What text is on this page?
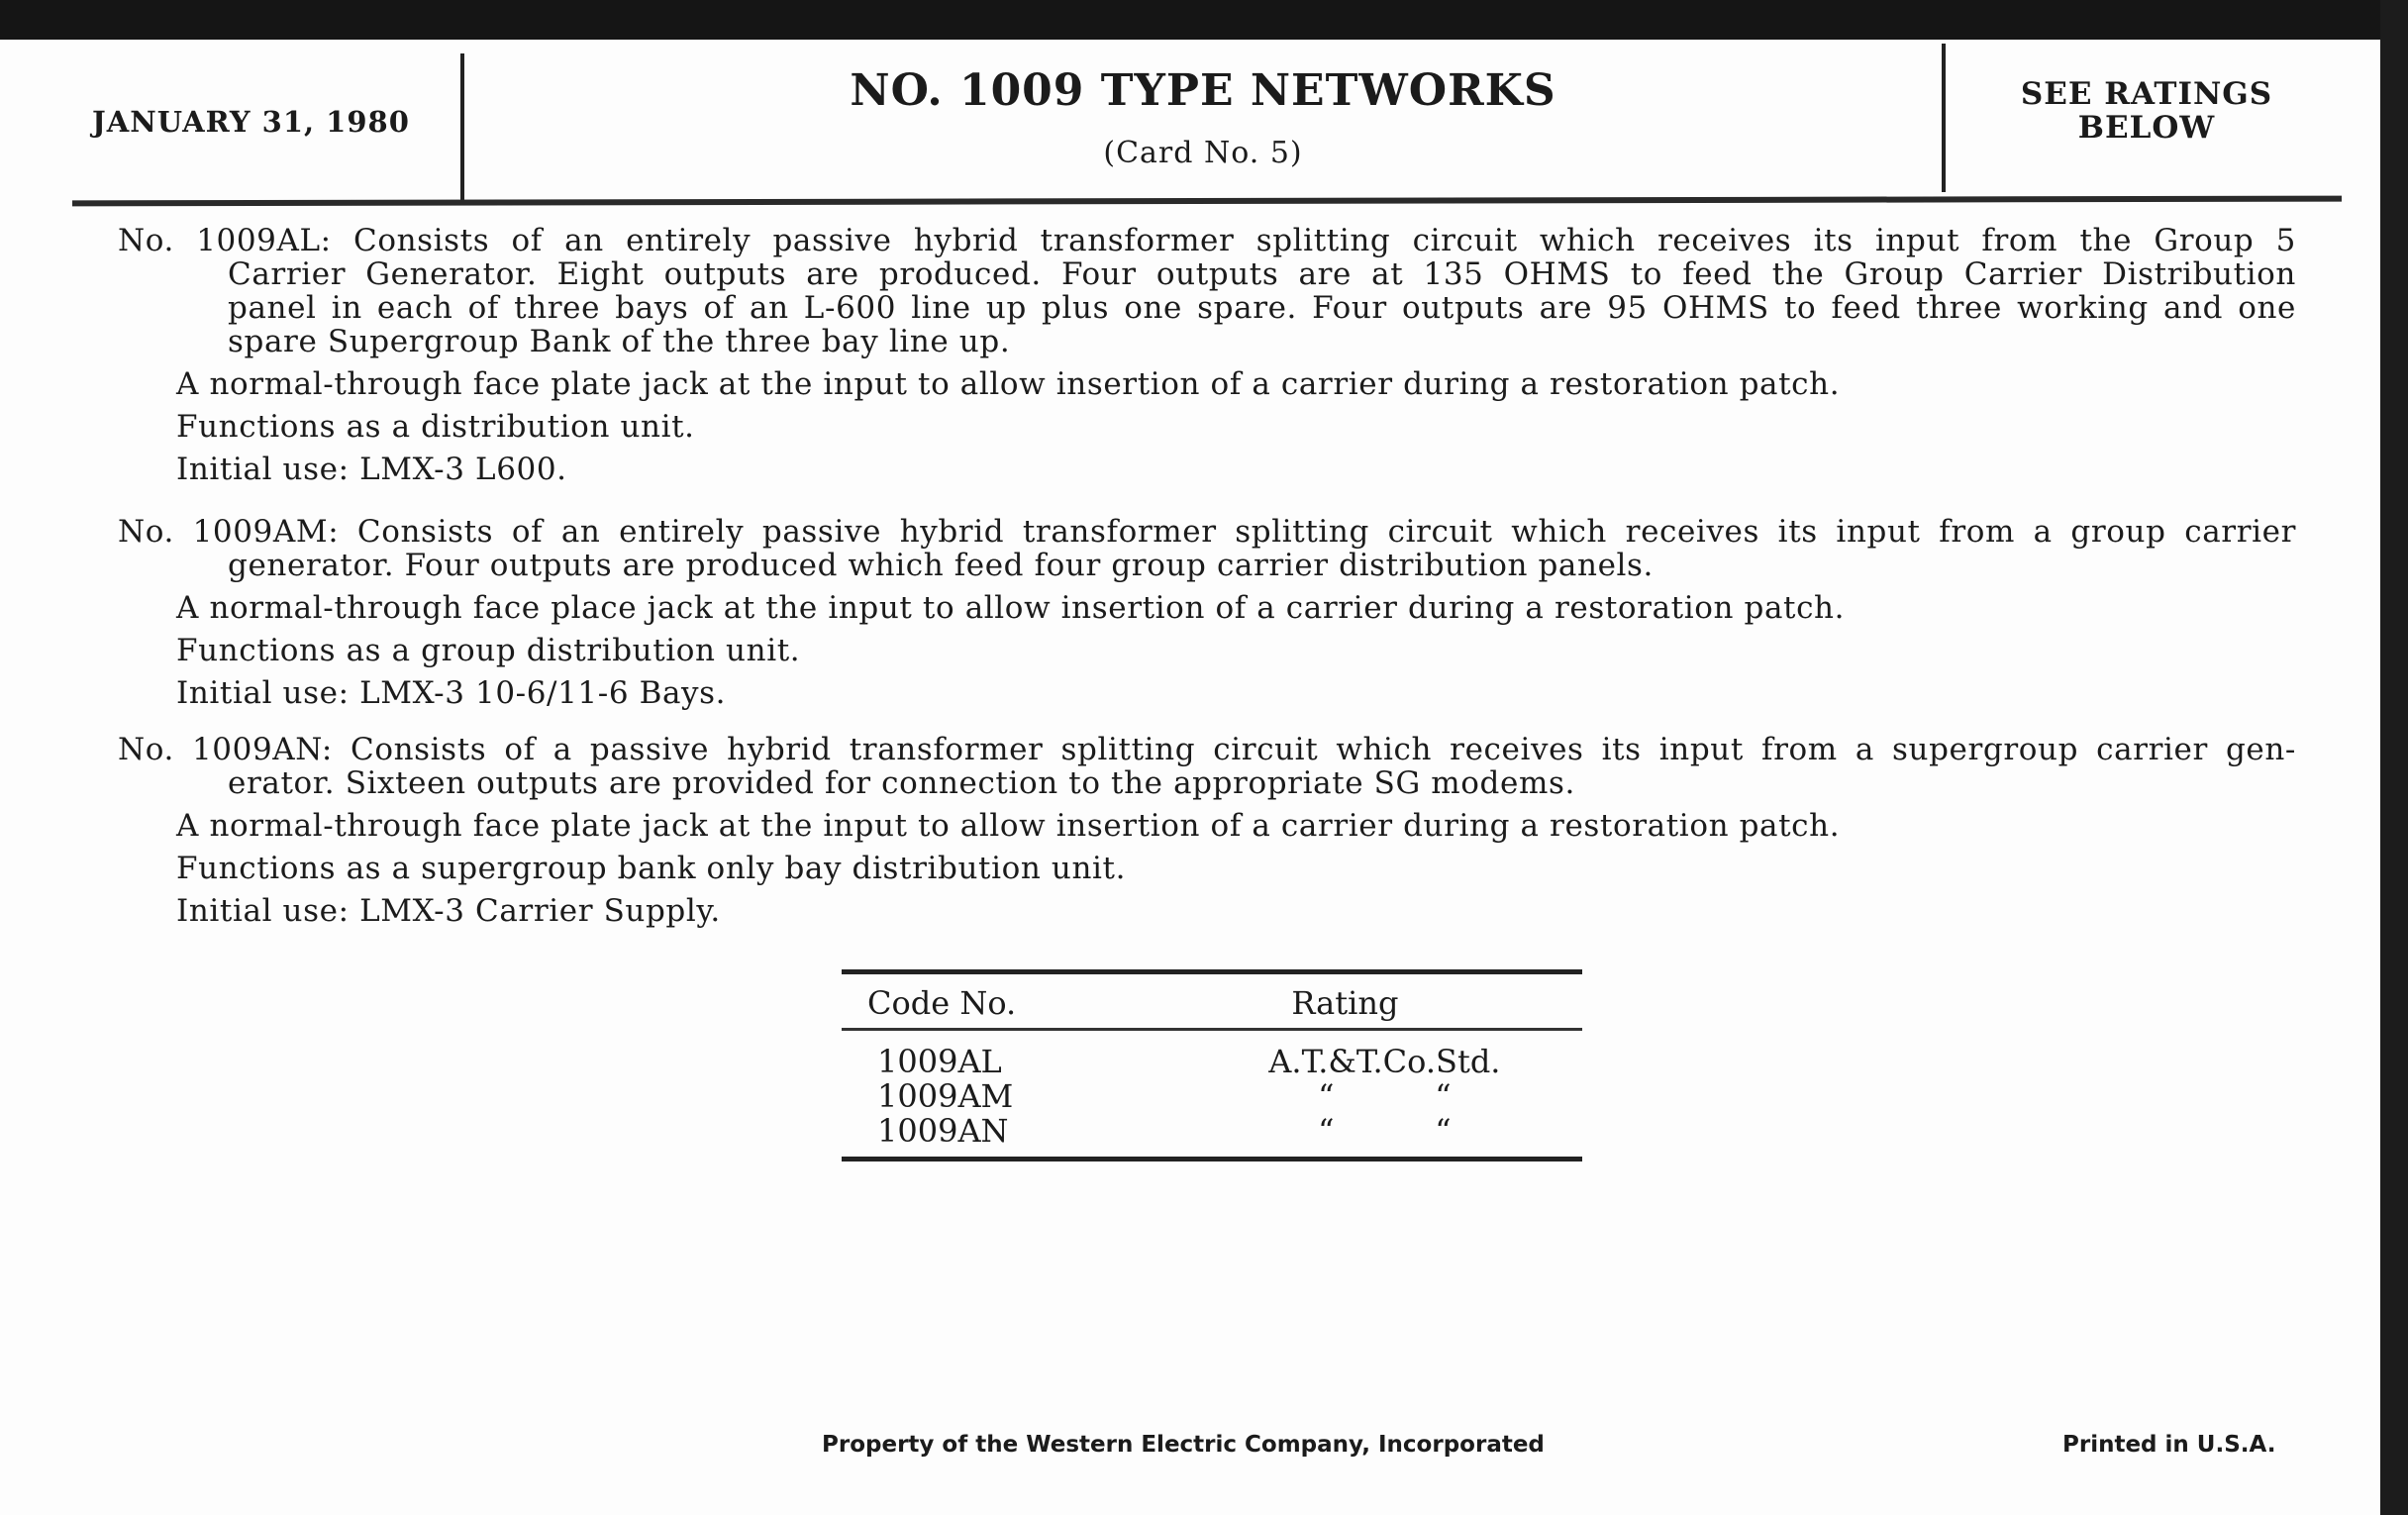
JANUARY 31, 1980
NO. 1009 TYPE NETWORKS
(Card No. 5)
SEE RATINGS
BELOW
No. 1009AL: Consists of an entirely passive hybrid transformer splitting circuit which receives its input from the Group 5
Carrier Generator. Eight outputs are produced. Four outputs are at 135 OHMS to feed the Group Carrier Distribution
panel in each of three bays of an L-600 line up plus one spare. Four outputs are 95 OHMS to feed three working and one
spare Supergroup Bank of the three bay line up.
A normal-through face plate jack at the input to allow insertion of a carrier during a restoration patch.
Functions as a distribution unit.
Initial use: LMX-3 L600.
No. 1009AM: Consists of an entirely passive hybrid transformer splitting circuit which receives its input from a group carrier
generator. Four outputs are produced which feed four group carrier distribution panels.
A normal-through face place jack at the input to allow insertion of a carrier during a restoration patch.
Functions as a group distribution unit.
Initial use: LMX-3 10-6/11-6 Bays.
No. 1009AN: Consists of a passive hybrid transformer splitting circuit which receives its input from a supergroup carrier gen-
erator. Sixteen outputs are provided for connection to the appropriate SG modems.
A normal-through face plate jack at the input to allow insertion of a carrier during a restoration patch.
Functions as a supergroup bank only bay distribution unit.
Initial use: LMX-3 Carrier Supply.
Code No.	Rating
1009AL	A.T.&T.Co.Std.
1009AM	“          “
1009AN	“          “
Property of the Western Electric Company, Incorporated	Printed in U.S.A.
